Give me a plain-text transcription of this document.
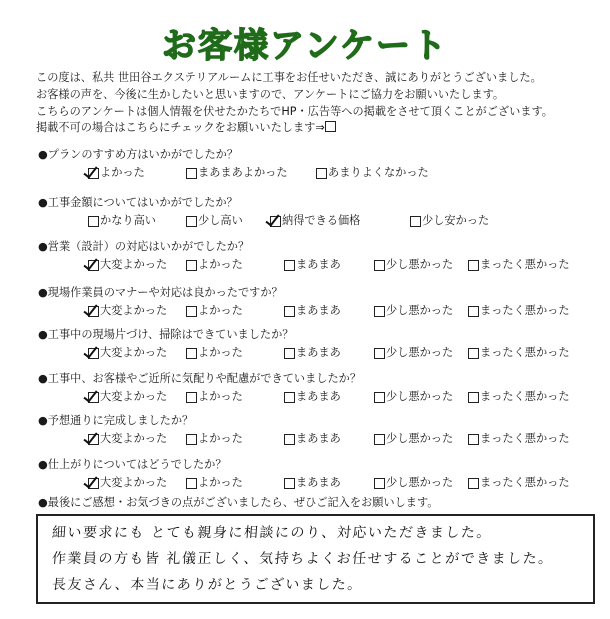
お客様アンケート
この度は、私共 世田谷エクステリアルームに工事をお任せいただき、誠にありがとうございました。
お客様の声を、今後に生かしたいと思いますので、アンケートにご協力をお願いいたします。
こちらのアンケートは個人情報を伏せたかたちでHP・広告等への掲載をさせて頂くことがございます。
掲載不可の場合はこちらにチェックをお願いいたします⇒
●プランのすすめ方はいかがでしたか？
よかった	まあまあよかった	あまりよくなかった
●工事金額についてはいかがでしたか？
かなり高い	少し高い	納得できる価格	少し安かった
●営業（設計）の対応はいかがでしたか？
大変よかった	よかった	まあまあ	少し悪かった まったく悪かった
●現場作業員のマナーや対応は良かったですか？
大変よかった	よかった	まあまあ	少し悪かった まったく悪かった
●工事中の現場片づけ、掃除はできていましたか？
大変よかった	よかった	まあまあ	少し悪かった まったく悪かった
●工事中、お客様やご近所に気配りや配慮ができていましたか？
大変よかった	よかった	まあまあ	少し悪かった まったく悪かった
●予想通りに完成しましたか？
大変よかった	よかった	まあまあ	少し悪かった まったく悪かった
●仕上がりについてはどうでしたか？
大変よかった	よかった	まあまあ	少し悪かった まったく悪かった
●最後にご感想・お気づきの点がございましたら、ぜひご記入をお願いします。
細い要求にも とても親身に相談にのり、対応いただきました。
作業員の方も皆 礼儀正しく、気持ちよくお任せすることができました。
長友さん、本当にありがとうございました。
